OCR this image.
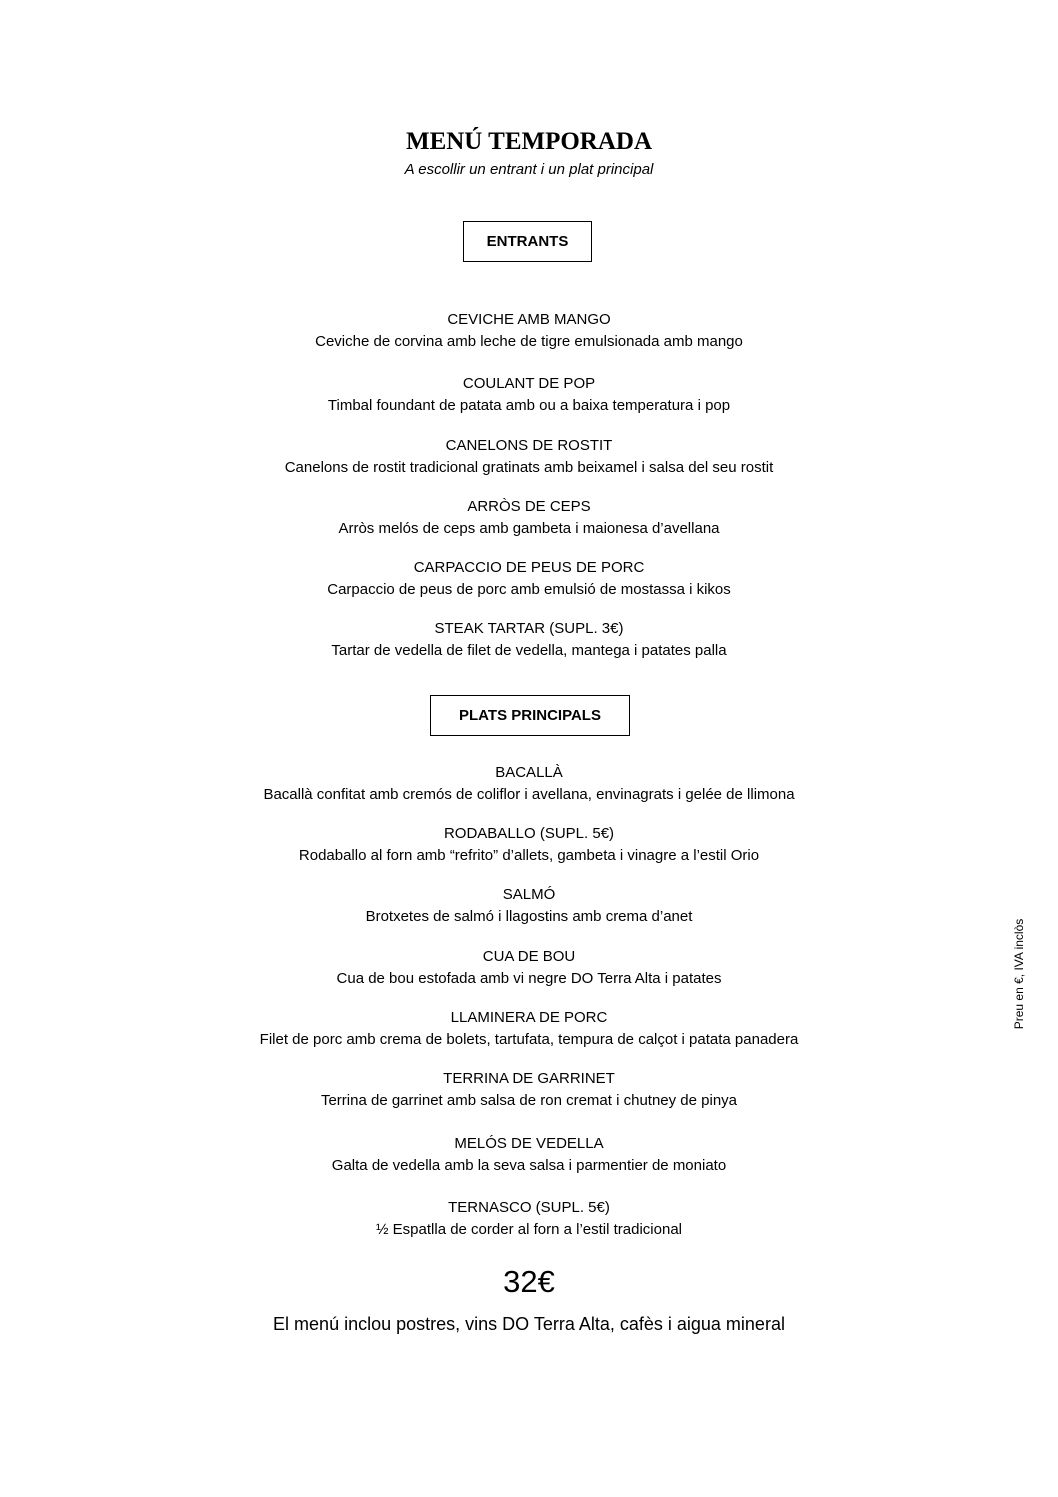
MENÚ TEMPORADA
A escollir un entrant i un plat principal
ENTRANTS
CEVICHE AMB MANGO
Ceviche de corvina amb leche de tigre emulsionada amb mango
COULANT DE POP
Timbal foundant de patata amb ou a baixa temperatura i pop
CANELONS DE ROSTIT
Canelons de rostit tradicional gratinats amb beixamel i salsa del seu rostit
ARRÒS DE CEPS
Arròs melós de ceps amb gambeta i maionesa d’avellana
CARPACCIO DE PEUS DE PORC
Carpaccio de peus de porc amb emulsió de mostassa i kikos
STEAK TARTAR (SUPL. 3€)
Tartar de vedella de filet de vedella, mantega i patates palla
PLATS PRINCIPALS
BACALLÀ
Bacallà confitat amb cremós de coliflor i avellana, envinagrats i gelée de llimona
RODABALLO (SUPL. 5€)
Rodaballo al forn amb “refrito” d’allets, gambeta i vinagre a l’estil Orio
SALMÓ
Brotxetes de salmó i llagostins amb crema d’anet
CUA DE BOU
Cua de bou estofada amb vi negre DO Terra Alta i patates
LLAMINERA DE PORC
Filet de porc amb crema de bolets, tartufata, tempura de calçot i patata panadera
TERRINA DE GARRINET
Terrina de garrinet amb salsa de ron cremat i chutney de pinya
MELÓS DE VEDELLA
Galta de vedella amb la seva salsa i parmentier de moniato
TERNASCO (SUPL. 5€)
½ Espatlla de corder al forn a l’estil tradicional
32€
El menú inclou postres, vins DO Terra Alta, cafès i aigua mineral
Preu en €, IVA inclòs
